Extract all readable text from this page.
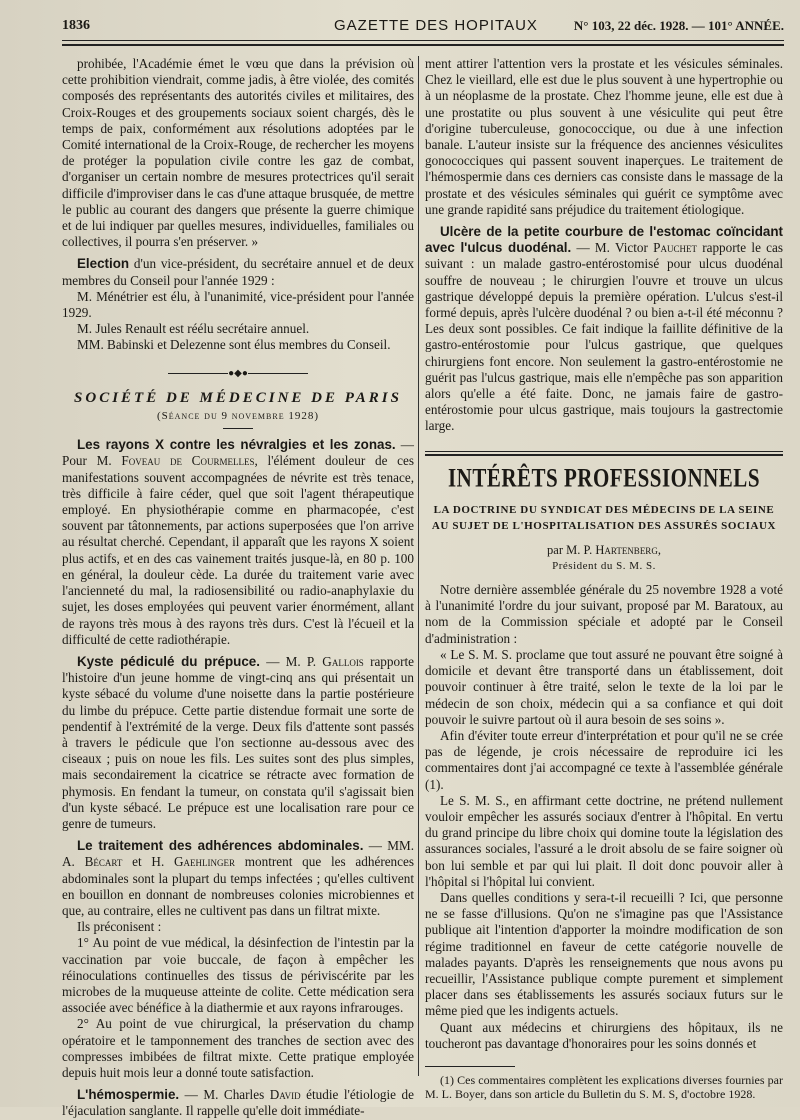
1836	GAZETTE DES HOPITAUX	N° 103, 22 déc. 1928. — 101° ANNÉE.

prohibée, l'Académie émet le vœu que dans la prévision où cette prohibition viendrait, comme jadis, à être violée, des comités composés des représentants des autorités civiles et militaires, des Croix-Rouges et des groupements sociaux soient chargés, dès le temps de paix, conformément aux résolutions adoptées par le Comité international de la Croix-Rouge, de rechercher les moyens de protéger la population civile contre les gaz de combat, d'organiser un certain nombre de mesures protectrices qu'il serait difficile d'improviser dans le cas d'une attaque brusquée, de mettre le public au courant des dangers que présente la guerre chimique et de lui indiquer par quelles mesures, individuelles, familiales ou collectives, il pourra s'en préserver. »

Election d'un vice-président, du secrétaire annuel et de deux membres du Conseil pour l'année 1929 :

M. Ménétrier est élu, à l'unanimité, vice-président pour l'année 1929.

M. Jules Renault est réélu secrétaire annuel.

MM. Babinski et Delezenne sont élus membres du Conseil.

●◆●
SOCIÉTÉ DE MÉDECINE DE PARIS
(Séance du 9 novembre 1928)

Les rayons X contre les névralgies et les zonas. — Pour M. Foveau de Courmelles, l'élément douleur de ces manifestations souvent accompagnées de névrite est très tenace, très difficile à faire céder, quel que soit l'agent thérapeutique employé. En physiothérapie comme en pharmacopée, c'est souvent par tâtonnements, par actions superposées que l'on arrive au résultat cherché. Cependant, il apparaît que les rayons X soient plus actifs, et en des cas vainement traités jusque-là, en 80 p. 100 en général, la douleur cède. La durée du traitement varie avec l'ancienneté du mal, la radiosensibilité ou radio-anaphylaxie du sujet, les doses employées qui peuvent varier énormément, allant de rayons très mous à des rayons très durs. C'est là l'écueil et la difficulté de cette radiothérapie.

Kyste pédiculé du prépuce. — M. P. Gallois rapporte l'histoire d'un jeune homme de vingt-cinq ans qui présentait un kyste sébacé du volume d'une noisette dans la partie postérieure du limbe du prépuce. Cette partie distendue formait une sorte de pendentif à l'extrémité de la verge. Deux fils d'attente sont passés à travers le pédicule que l'on sectionne au-dessous avec des ciseaux ; puis on noue les fils. Les suites sont des plus simples, mais secondairement la cicatrice se rétracte avec formation de phymosis. En fendant la tumeur, on constata qu'il s'agissait bien d'un kyste sébacé. Le prépuce est une localisation rare pour ce genre de tumeurs.

Le traitement des adhérences abdominales. — MM. A. Bécart et H. Gaehlinger montrent que les adhérences abdominales sont la plupart du temps infectées ; qu'elles cultivent en bouillon en donnant de nombreuses colonies microbiennes et que, au contraire, elles ne cultivent pas dans un filtrat mixte.

Ils préconisent :

1° Au point de vue médical, la désinfection de l'intestin par la vaccination par voie buccale, de façon à empêcher les réinoculations continuelles des tissus de périviscérite par les microbes de la muqueuse atteinte de colite. Cette médication sera associée avec bénéfice à la diathermie et aux rayons infrarouges.

2° Au point de vue chirurgical, la préservation du champ opératoire et le tamponnement des tranches de section avec des compresses imbibées de filtrat mixte. Cette pratique employée depuis huit mois leur a donné toute satisfaction.

L'hémospermie. — M. Charles David étudie l'étiologie de l'éjaculation sanglante. Il rappelle qu'elle doit immédiate-

ment attirer l'attention vers la prostate et les vésicules séminales. Chez le vieillard, elle est due le plus souvent à une hypertrophie ou à un néoplasme de la prostate. Chez l'homme jeune, elle est due à une prostatite ou plus souvent à une vésiculite qui peut être d'origine tuberculeuse, gonococcique, ou due à une infection banale. L'auteur insiste sur la fréquence des anciennes vésiculites gonococciques qui passent souvent inaperçues. Le traitement de l'hémospermie dans ces derniers cas consiste dans le massage de la prostate et des vésicules séminales qui guérit ce symptôme avec une grande rapidité sans préjudice du traitement étiologique.

Ulcère de la petite courbure de l'estomac coïncidant avec l'ulcus duodénal. — M. Victor Pauchet rapporte le cas suivant : un malade gastro-entérostomisé pour ulcus duodénal souffre de nouveau ; le chirurgien l'ouvre et trouve un ulcus gastrique développé depuis la première opération. L'ulcus s'est-il formé depuis, après l'ulcère duodénal ? ou bien a-t-il été méconnu ? Les deux sont possibles. Ce fait indique la faillite définitive de la gastro-entérostomie pour l'ulcus gastrique, que quelques chirurgiens font encore. Non seulement la gastro-entérostomie ne guérit pas l'ulcus gastrique, mais elle n'empêche pas son apparition alors qu'elle a été faite. Donc, ne jamais faire de gastro-entérostomie pour ulcus gastrique, mais toujours la gastrectomie large.

INTÉRÊTS PROFESSIONNELS
LA DOCTRINE DU SYNDICAT DES MÉDECINS DE LA SEINE AU SUJET DE L'HOSPITALISATION DES ASSURÉS SOCIAUX
par M. P. Hartenberg,
Président du S. M. S.

Notre dernière assemblée générale du 25 novembre 1928 a voté à l'unanimité l'ordre du jour suivant, proposé par M. Baratoux, au nom de la Commission spéciale et adopté par le Conseil d'administration :

« Le S. M. S. proclame que tout assuré ne pouvant être soigné à domicile et devant être transporté dans un établissement, doit pouvoir continuer à être traité, selon le texte de la loi par le médecin de son choix, médecin qui a sa confiance et qui doit pouvoir le suivre partout où il aura besoin de ses soins ».

Afin d'éviter toute erreur d'interprétation et pour qu'il ne se crée pas de légende, je crois nécessaire de reproduire ici les commentaires dont j'ai accompagné ce texte à l'assemblée générale (1).

Le S. M. S., en affirmant cette doctrine, ne prétend nullement vouloir empêcher les assurés sociaux d'entrer à l'hôpital. En vertu du grand principe du libre choix qui domine toute la législation des assurances sociales, l'assuré a le droit absolu de se faire soigner où bon lui semble et par qui lui plait. Il doit donc pouvoir aller à l'hôpital si l'hôpital lui convient.

Dans quelles conditions y sera-t-il recueilli ? Ici, que personne ne se fasse d'illusions. Qu'on ne s'imagine pas que l'Assistance publique ait l'intention d'apporter la moindre modification de son régime traditionnel en faveur de cette catégorie nouvelle de malades payants. D'après les renseignements que nous avons pu recueillir, l'Assistance publique compte purement et simplement placer dans ses établissements les assurés sociaux futurs sur le même pied que les indigents actuels.

Quant aux médecins et chirurgiens des hôpitaux, ils ne toucheront pas davantage d'honoraires pour les soins donnés et

(1) Ces commentaires complètent les explications diverses fournies par M. L. Boyer, dans son article du Bulletin du S. M. S, d'octobre 1928.
